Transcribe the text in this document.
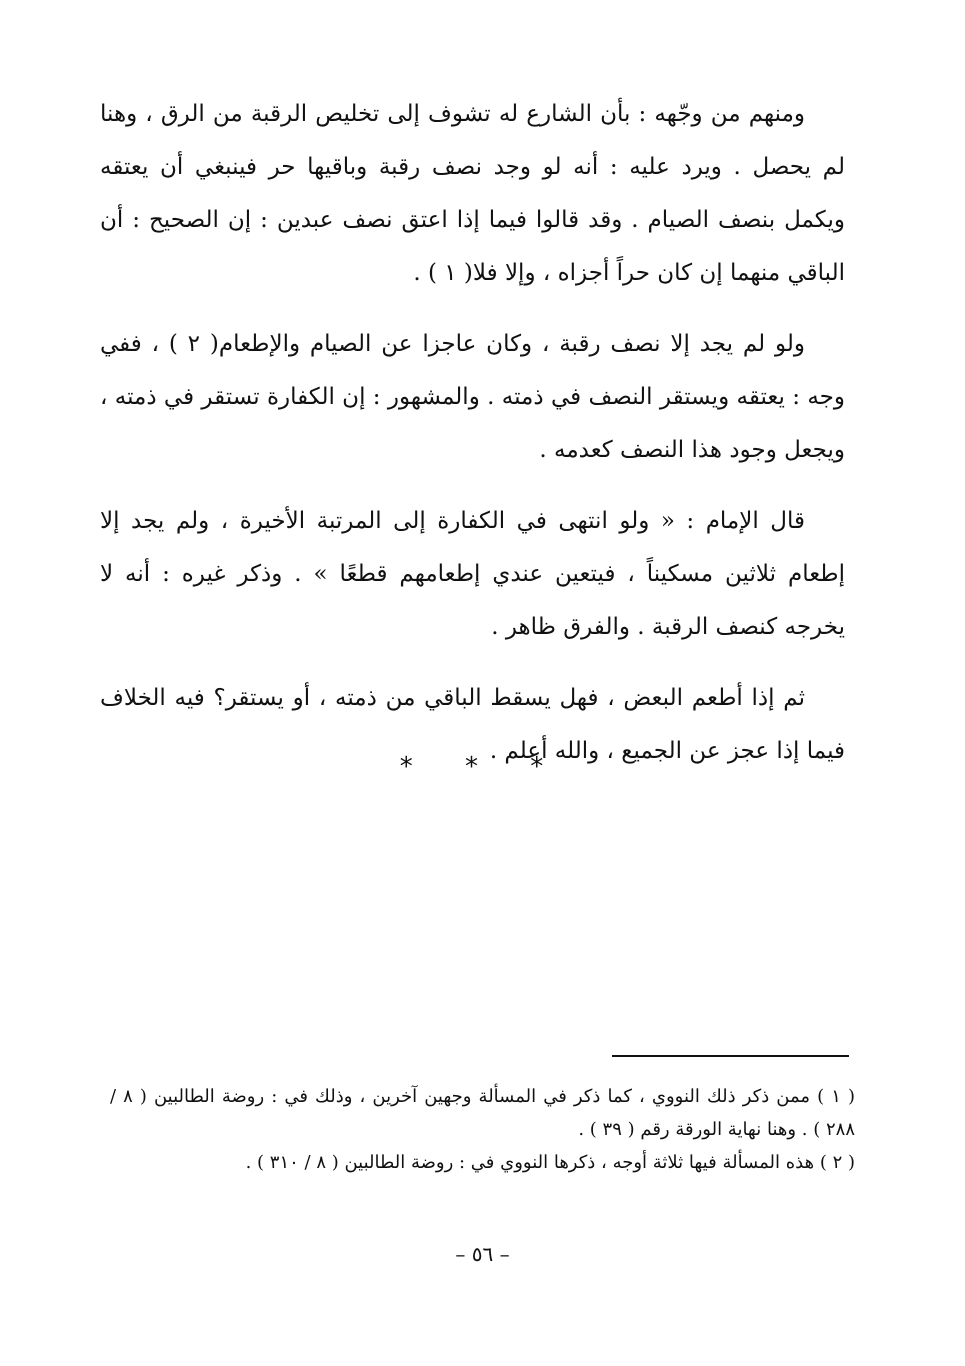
ومنهم من وجّهه : بأن الشارع له تشوف إلى تخليص الرقبة من الرق ، وهنا لم يحصل . ويرد عليه : أنه لو وجد نصف رقبة وباقيها حر فينبغي أن يعتقه ويكمل بنصف الصيام . وقد قالوا فيما إذا اعتق نصف عبدين : إن الصحيح : أن الباقي منهما إن كان حراً أجزاه ، وإلا فلا( ١ ) .

ولو لم يجد إلا نصف رقبة ، وكان عاجزا عن الصيام والإطعام( ٢ ) ، ففي وجه : يعتقه ويستقر النصف في ذمته . والمشهور : إن الكفارة تستقر في ذمته ، ويجعل وجود هذا النصف كعدمه .

قال الإمام : « ولو انتهى في الكفارة إلى المرتبة الأخيرة ، ولم يجد إلا إطعام ثلاثين مسكيناً ، فيتعين عندي إطعامهم قطعًا » . وذكر غيره : أنه لا يخرجه كنصف الرقبة . والفرق ظاهر .

ثم إذا أطعم البعض ، فهل يسقط الباقي من ذمته ، أو يستقر؟ فيه الخلاف فيما إذا عجز عن الجميع ، والله أعلم .

* * *

( ١ ) ممن ذكر ذلك النووي ، كما ذكر في المسألة وجهين آخرين ، وذلك في : روضة الطالبين ( ٨ / ٢٨٨ ) . وهنا نهاية الورقة رقم ( ٣٩ ) .

( ٢ ) هذه المسألة فيها ثلاثة أوجه ، ذكرها النووي في : روضة الطالبين ( ٨ / ٣١٠ ) .

– ٥٦ –
